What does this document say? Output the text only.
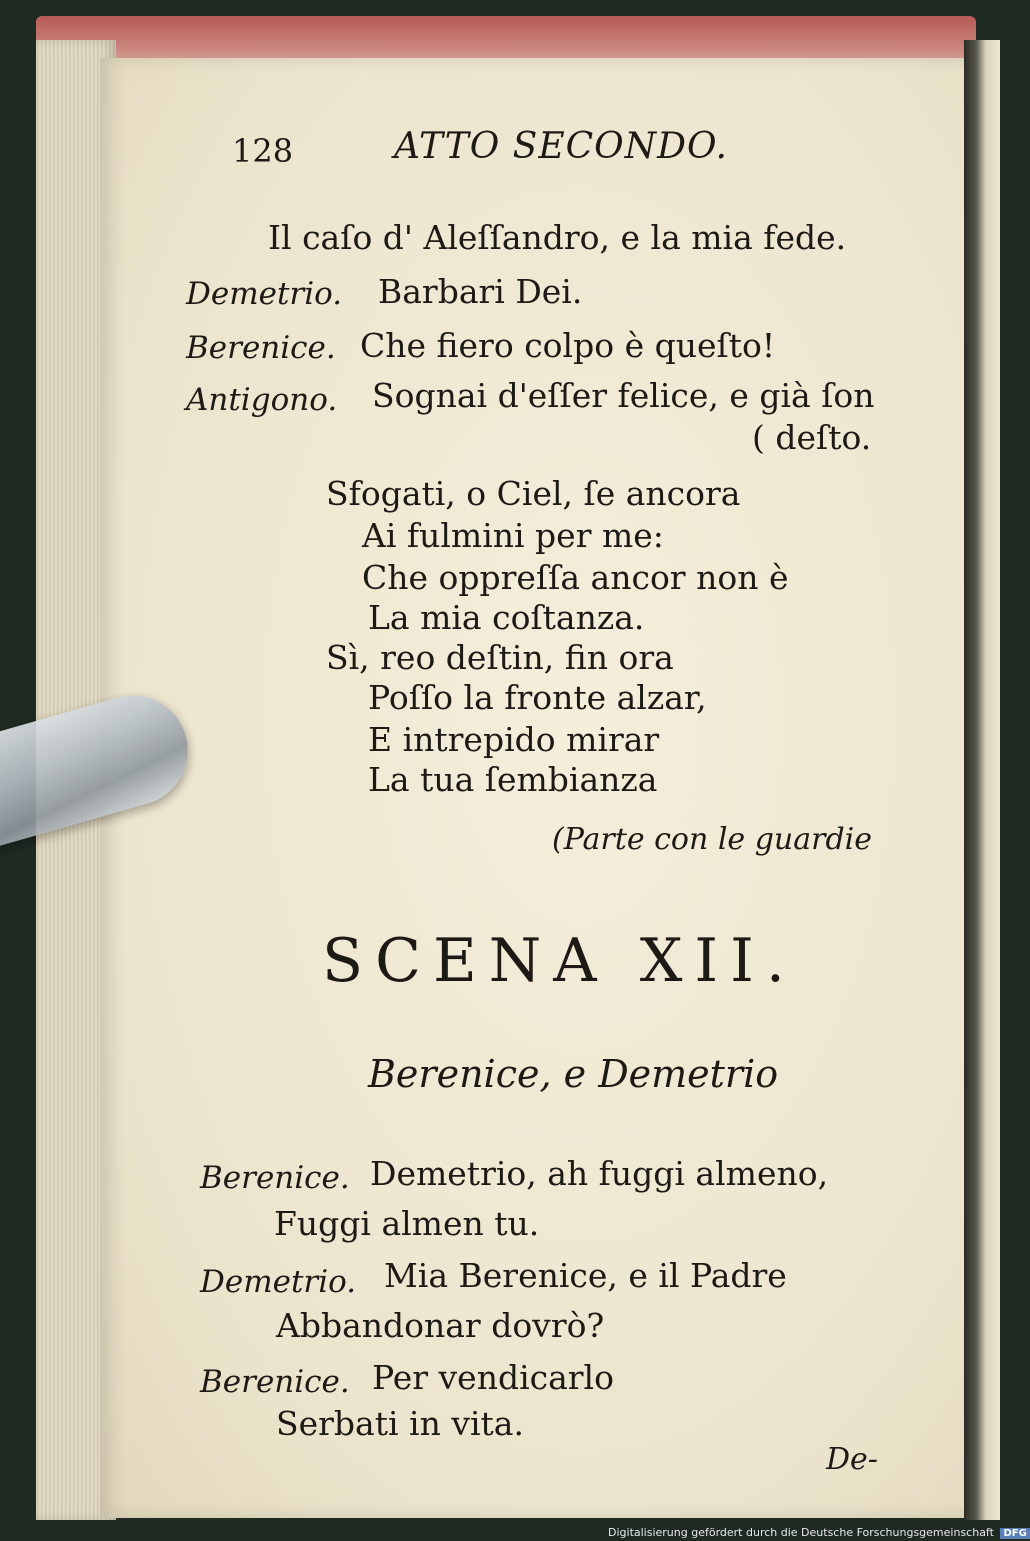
128	ATTO SECONDO.
Il caſo d' Aleſſandro, e la mia fede.
Demetrio. Barbari Dei.
Berenice. Che fiero colpo è queſto!
Antigono. Sognai d'eſſer felice, e già ſon
( deſto.
Sfogati, o Ciel, ſe ancora
Ai fulmini per me:
Che oppreſſa ancor non è
La mia coſtanza.
Sì, reo deſtin, fin ora
Poſſo la fronte alzar,
E intrepido mirar
La tua ſembianza
(Parte con le guardie
SCENA XII.
Berenice, e Demetrio
Berenice. Demetrio, ah fuggi almeno,
Fuggi almen tu.
Demetrio. Mia Berenice, e il Padre
Abbandonar dovrò?
Berenice. Per vendicarlo
Serbati in vita.
De-
Digitalisierung gefördert durch die Deutsche Forschungsgemeinschaft DFG
